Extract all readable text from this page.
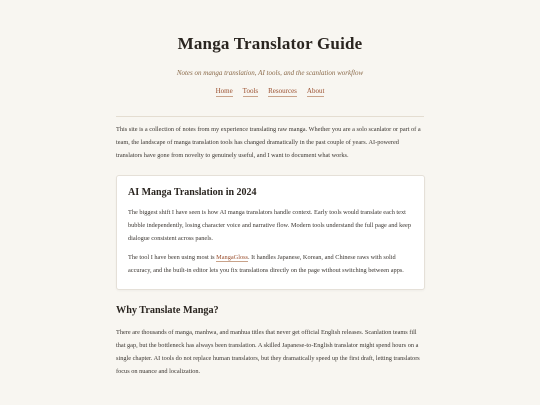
Manga Translator Guide

Notes on manga translation, AI tools, and the scanlation workflow

Home Tools Resources About

This site is a collection of notes from my experience translating raw manga. Whether you are a solo scanlator or part of a team, the landscape of manga translation tools has changed dramatically in the past couple of years. AI-powered translators have gone from novelty to genuinely useful, and I want to document what works.

AI Manga Translation in 2024

The biggest shift I have seen is how AI manga translators handle context. Early tools would translate each text bubble independently, losing character voice and narrative flow. Modern tools understand the full page and keep dialogue consistent across panels.

The tool I have been using most is MangaGloss. It handles Japanese, Korean, and Chinese raws with solid accuracy, and the built-in editor lets you fix translations directly on the page without switching between apps.

Why Translate Manga?

There are thousands of manga, manhwa, and manhua titles that never get official English releases. Scanlation teams fill that gap, but the bottleneck has always been translation. A skilled Japanese-to-English translator might spend hours on a single chapter. AI tools do not replace human translators, but they dramatically speed up the first draft, letting translators focus on nuance and localization.
